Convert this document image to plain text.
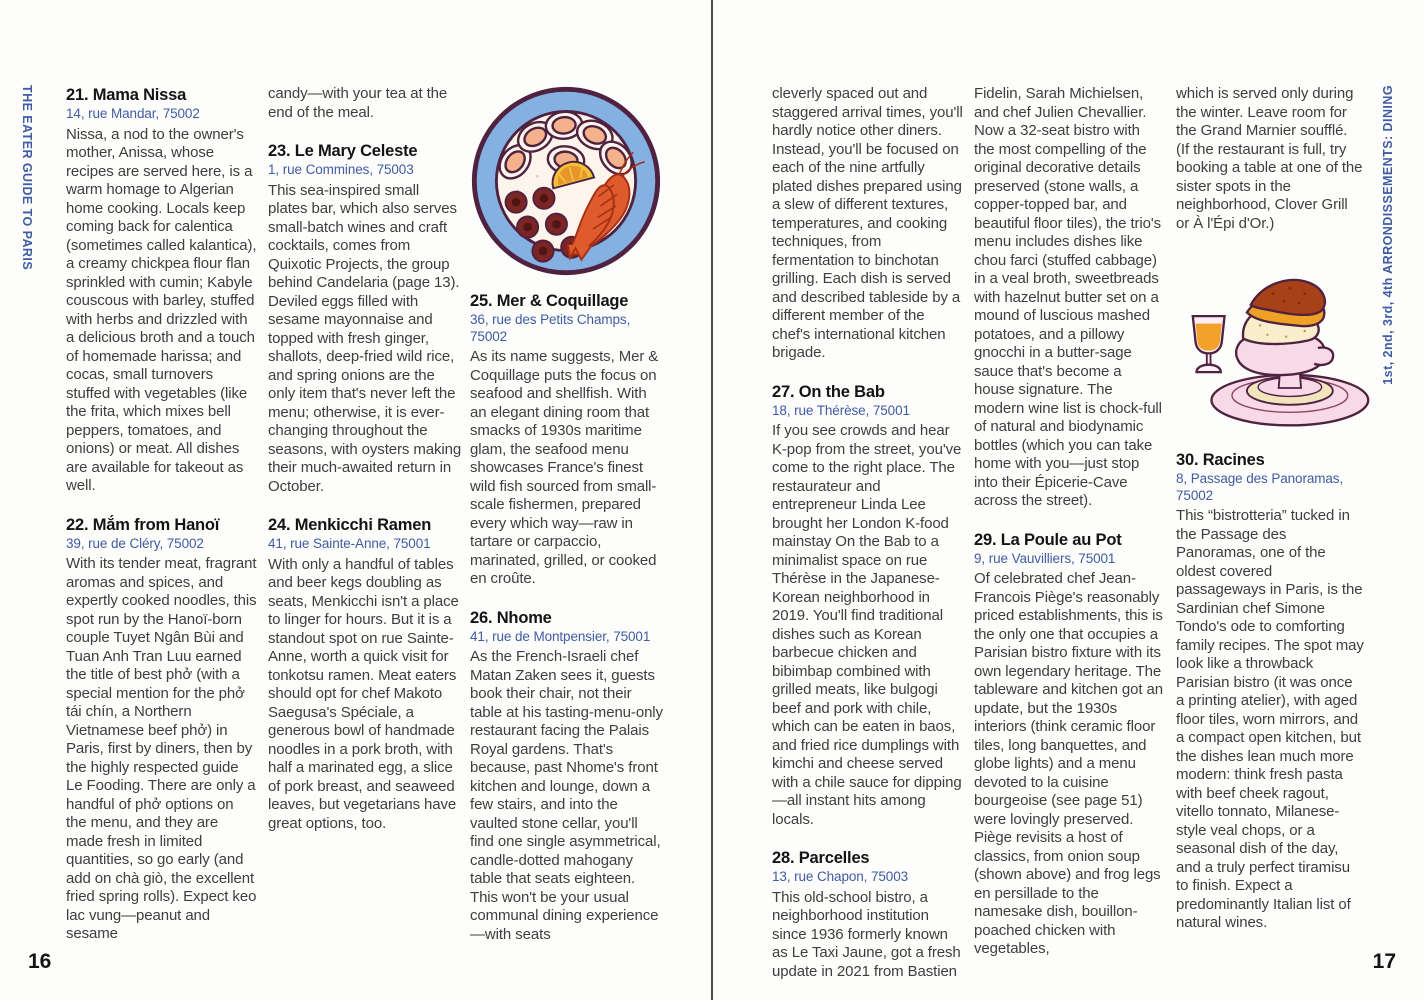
THE EATER GUIDE TO PARIS	1st, 2nd, 3rd, 4th ARRONDISSEMENTS: DINING
21. Mama Nissa

14, rue Mandar, 75002

Nissa, a nod to the owner's mother, Anissa, whose recipes are served here, is a warm homage to Algerian home cooking. Locals keep coming back for calentica (sometimes called kalantica), a creamy chickpea flour flan sprinkled with cumin; Kabyle couscous with barley, stuffed with herbs and drizzled with a delicious broth and a touch of homemade harissa; and cocas, small turnovers stuffed with vegetables (like the frita, which mixes bell peppers, tomatoes, and onions) or meat. All dishes are available for takeout as well.

22. Mắm from Hanoï

39, rue de Cléry, 75002

With its tender meat, fragrant aromas and spices, and expertly cooked noodles, this spot run by the Hanoï-born couple Tuyet Ngân Bùi and Tuan Anh Tran Luu earned the title of best phở (with a special mention for the phở tái chín, a Northern Vietnamese beef phở) in Paris, first by diners, then by the highly respected guide Le Fooding. There are only a handful of phở options on the menu, and they are made fresh in limited quantities, so go early (and add on chà giò, the excellent fried spring rolls). Expect keo lac vung—peanut and sesame

candy—with your tea at the end of the meal.

23. Le Mary Celeste

1, rue Commines, 75003

This sea-inspired small plates bar, which also serves small-batch wines and craft cocktails, comes from Quixotic Projects, the group behind Candelaria (page 13). Deviled eggs filled with sesame mayonnaise and topped with fresh ginger, shallots, deep-fried wild rice, and spring onions are the only item that's never left the menu; otherwise, it is ever-changing throughout the seasons, with oysters making their much-awaited return in October.

24. Menkicchi Ramen

41, rue Sainte-Anne, 75001

With only a handful of tables and beer kegs doubling as seats, Menkicchi isn't a place to linger for hours. But it is a standout spot on rue Sainte-Anne, worth a quick visit for tonkotsu ramen. Meat eaters should opt for chef Makoto Saegusa's Spéciale, a generous bowl of handmade noodles in a pork broth, with half a marinated egg, a slice of pork breast, and seaweed leaves, but vegetarians have great options, too.

25. Mer & Coquillage

36, rue des Petits Champs, 75002

As its name suggests, Mer & Coquillage puts the focus on seafood and shellfish. With an elegant dining room that smacks of 1930s maritime glam, the seafood menu showcases France's finest wild fish sourced from small-scale fishermen, prepared every which way—raw in tartare or carpaccio, marinated, grilled, or cooked en croûte.

26. Nhome

41, rue de Montpensier, 75001

As the French-Israeli chef Matan Zaken sees it, guests book their chair, not their table at his tasting-menu-only restaurant facing the Palais Royal gardens. That's because, past Nhome's front kitchen and lounge, down a few stairs, and into the vaulted stone cellar, you'll find one single asymmetrical, candle-dotted mahogany table that seats eighteen. This won't be your usual communal dining experience—with seats

16

cleverly spaced out and staggered arrival times, you'll hardly notice other diners. Instead, you'll be focused on each of the nine artfully plated dishes prepared using a slew of different textures, temperatures, and cooking techniques, from fermentation to binchotan grilling. Each dish is served and described tableside by a different member of the chef's international kitchen brigade.

27. On the Bab

18, rue Thérèse, 75001

If you see crowds and hear K-pop from the street, you've come to the right place. The restaurateur and entrepreneur Linda Lee brought her London K-food mainstay On the Bab to a minimalist space on rue Thérèse in the Japanese-Korean neighborhood in 2019. You'll find traditional dishes such as Korean barbecue chicken and bibimbap combined with grilled meats, like bulgogi beef and pork with chile, which can be eaten in baos, and fried rice dumplings with kimchi and cheese served with a chile sauce for dipping—all instant hits among locals.

28. Parcelles

13, rue Chapon, 75003

This old-school bistro, a neighborhood institution since 1936 formerly known as Le Taxi Jaune, got a fresh update in 2021 from Bastien

Fidelin, Sarah Michielsen, and chef Julien Chevallier. Now a 32-seat bistro with the most compelling of the original decorative details preserved (stone walls, a copper-topped bar, and beautiful floor tiles), the trio's menu includes dishes like chou farci (stuffed cabbage) in a veal broth, sweetbreads with hazelnut butter set on a mound of luscious mashed potatoes, and a pillowy gnocchi in a butter-sage sauce that's become a house signature. The modern wine list is chock-full of natural and biodynamic bottles (which you can take home with you—just stop into their Épicerie-Cave across the street).

29. La Poule au Pot

9, rue Vauvilliers, 75001

Of celebrated chef Jean-Francois Piège's reasonably priced establishments, this is the only one that occupies a Parisian bistro fixture with its own legendary heritage. The tableware and kitchen got an update, but the 1930s interiors (think ceramic floor tiles, long banquettes, and globe lights) and a menu devoted to la cuisine bourgeoise (see page 51) were lovingly preserved. Piège revisits a host of classics, from onion soup (shown above) and frog legs en persillade to the namesake dish, bouillon-poached chicken with vegetables,

which is served only during the winter. Leave room for the Grand Marnier soufflé. (If the restaurant is full, try booking a table at one of the sister spots in the neighborhood, Clover Grill or À l'Épi d'Or.)

30. Racines

8, Passage des Panoramas, 75002

This “bistrotteria” tucked in the Passage des Panoramas, one of the oldest covered passageways in Paris, is the Sardinian chef Simone Tondo's ode to comforting family recipes. The spot may look like a throwback Parisian bistro (it was once a printing atelier), with aged floor tiles, worn mirrors, and a compact open kitchen, but the dishes lean much more modern: think fresh pasta with beef cheek ragout, vitello tonnato, Milanese-style veal chops, or a seasonal dish of the day, and a truly perfect tiramisu to finish. Expect a predominantly Italian list of natural wines.

17
